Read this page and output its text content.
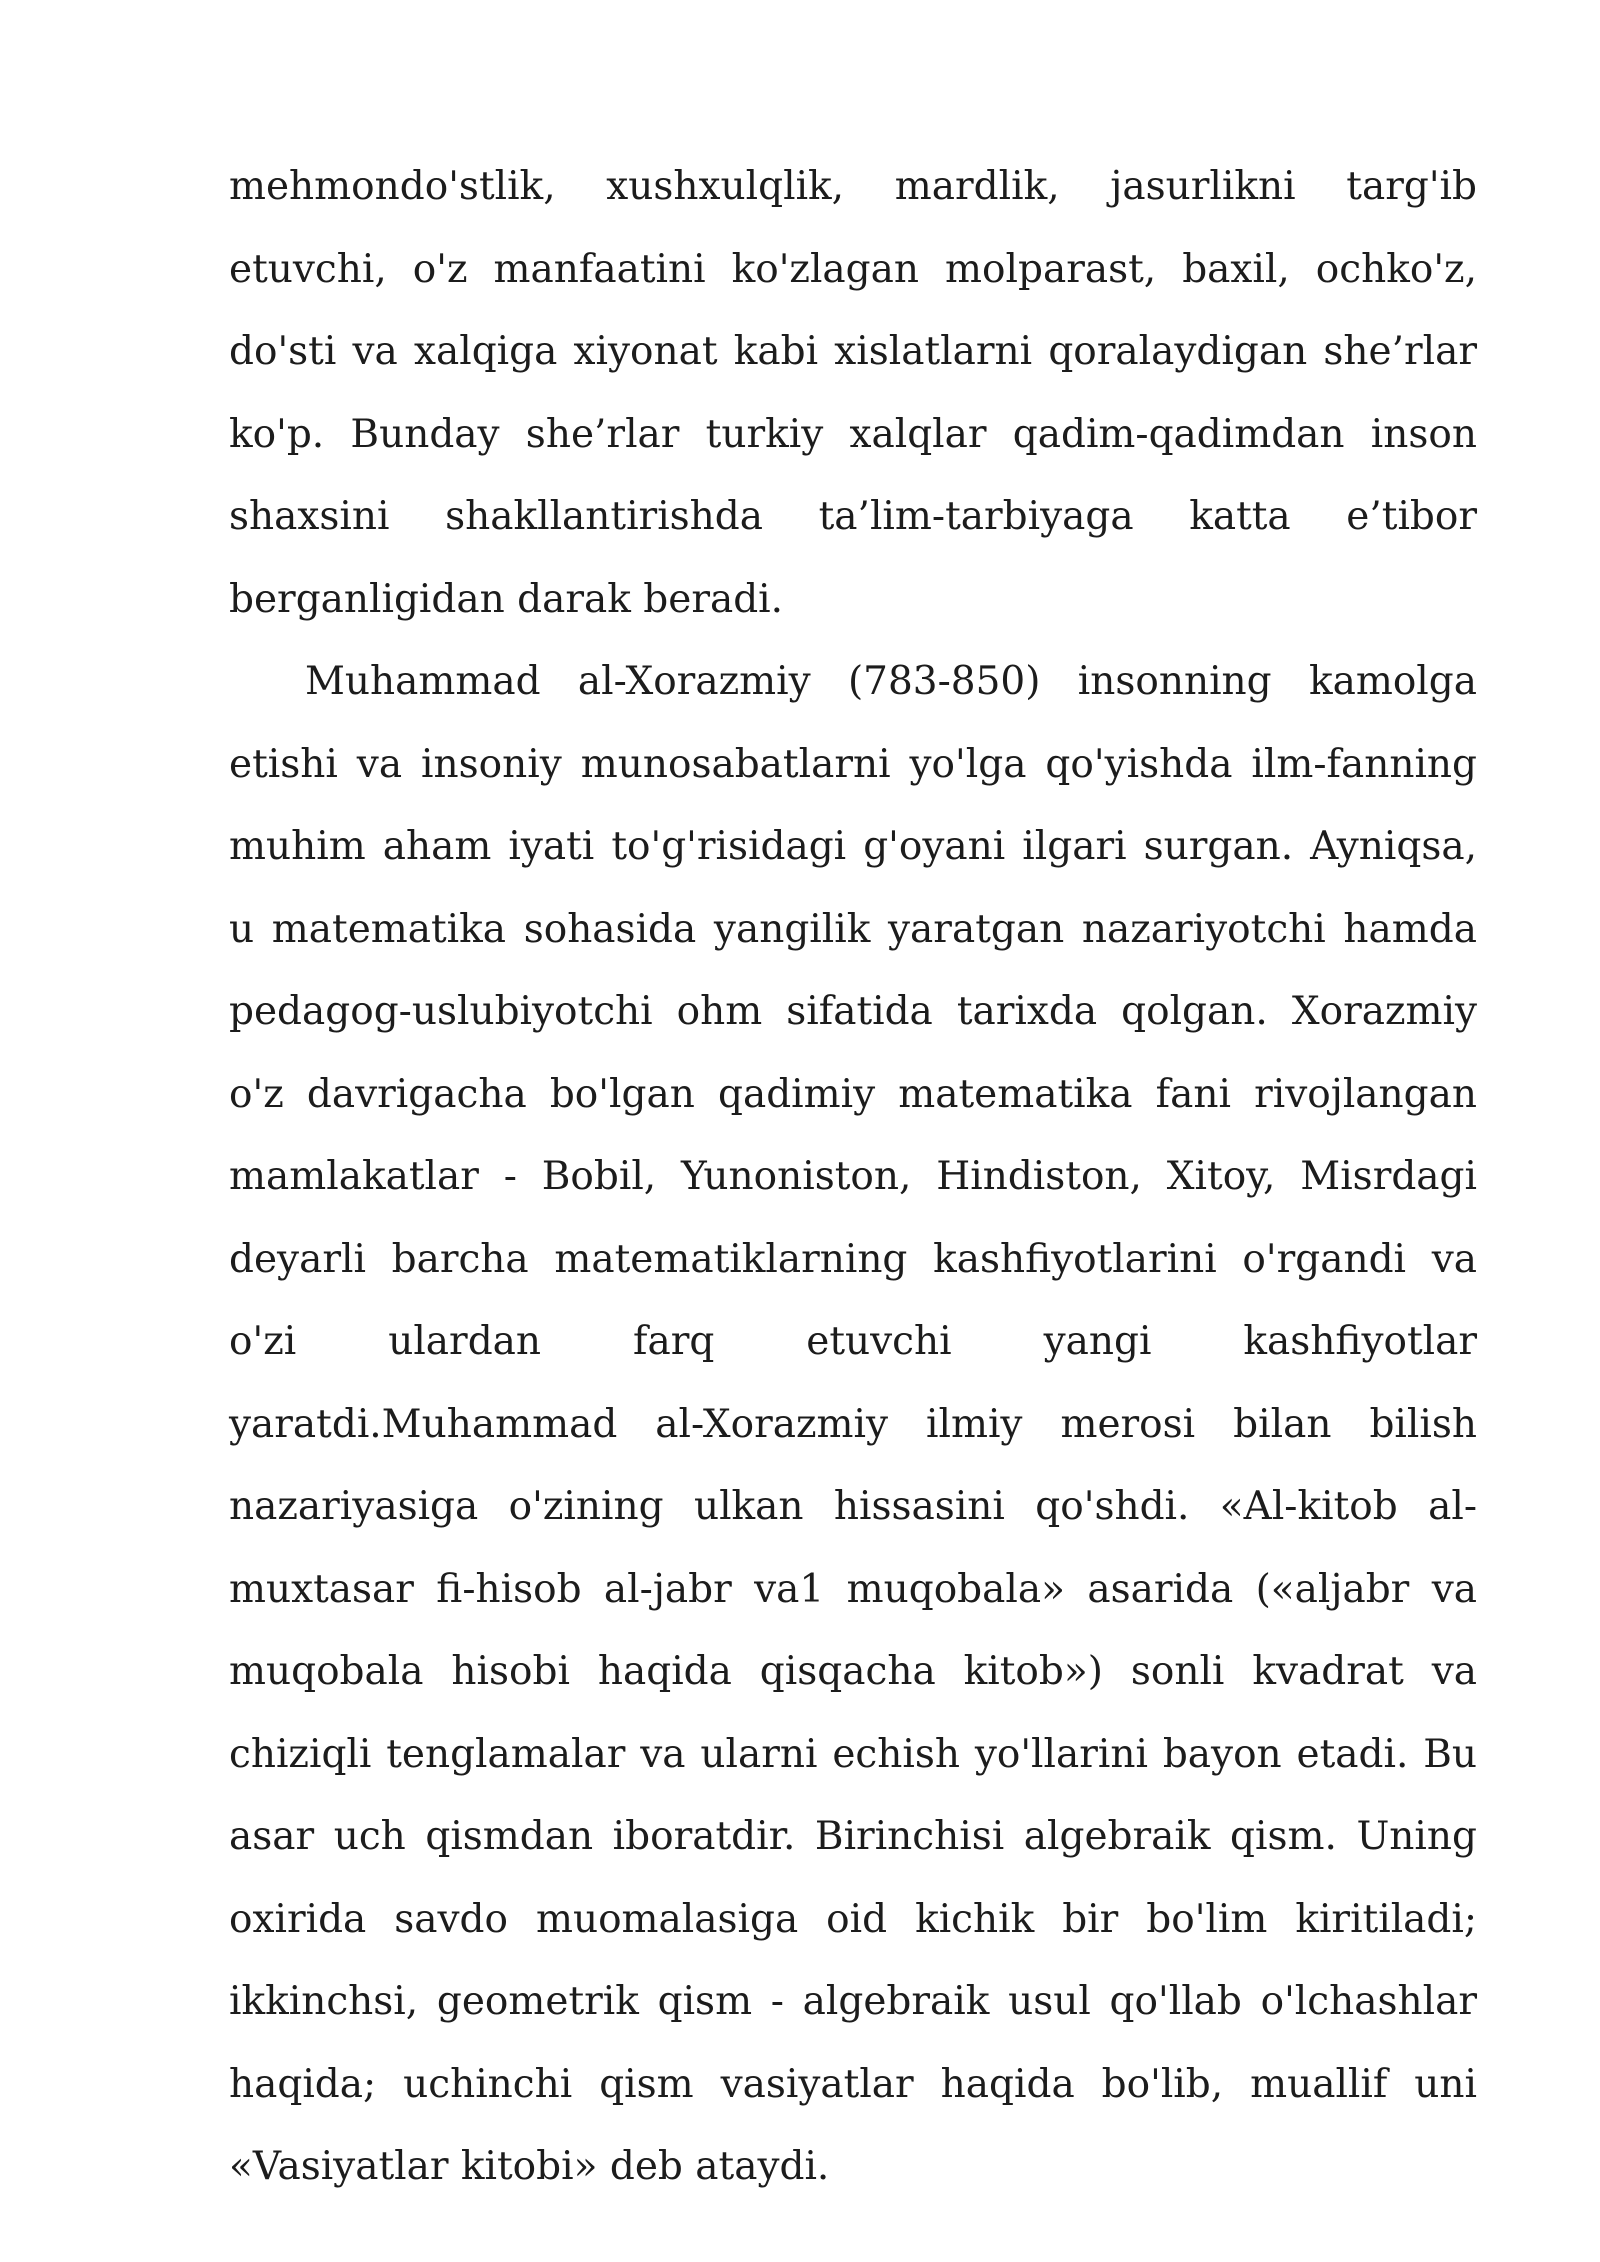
mehmondo'stlik, xushxulqlik, mardlik, jasurlikni targ'ib etuvchi, o'z manfaatini ko'zlagan molparast, baxil, ochko'z, do'sti va xalqiga xiyonat kabi xislatlarni qoralaydigan she’rlar ko'p. Bunday she’rlar turkiy xalqlar qadim-qadimdan inson shaxsini shakllantirishda ta’lim-tarbiyaga katta e’tibor berganligidan darak beradi.

Muhammad al-Xorazmiy (783-850) insonning kamolga etishi va insoniy munosabatlarni yo'lga qo'yishda ilm-fanning muhim aham iyati to'g'risidagi g'oyani ilgari surgan. Ayniqsa, u matematika sohasida yangilik yaratgan nazariyotchi hamda pedagog-uslubiyotchi ohm sifatida tarixda qolgan. Xorazmiy o'z davrigacha bo'lgan qadimiy matematika fani rivojlangan mamlakatlar - Bobil, Yunoniston, Hindiston, Xitoy, Misrdagi deyarli barcha matematiklarning kashfiyotlarini o'rgandi va o'zi ulardan farq etuvchi yangi kashfiyotlar yaratdi.Muhammad al-Xorazmiy ilmiy merosi bilan bilish nazariyasiga o'zining ulkan hissasini qo'shdi. «Al-kitob al-muxtasar fi-hisob al-jabr va1 muqobala» asarida («aljabr va muqobala hisobi haqida qisqacha kitob») sonli kvadrat va chiziqli tenglamalar va ularni echish yo'llarini bayon etadi. Bu asar uch qismdan iboratdir. Birinchisi algebraik qism. Uning oxirida savdo muomalasiga oid kichik bir bo'lim kiritiladi; ikkinchsi, geometrik qism - algebraik usul qo'llab o'lchashlar haqida; uchinchi qism vasiyatlar haqida bo'lib, muallif uni «Vasiyatlar kitobi» deb ataydi.
